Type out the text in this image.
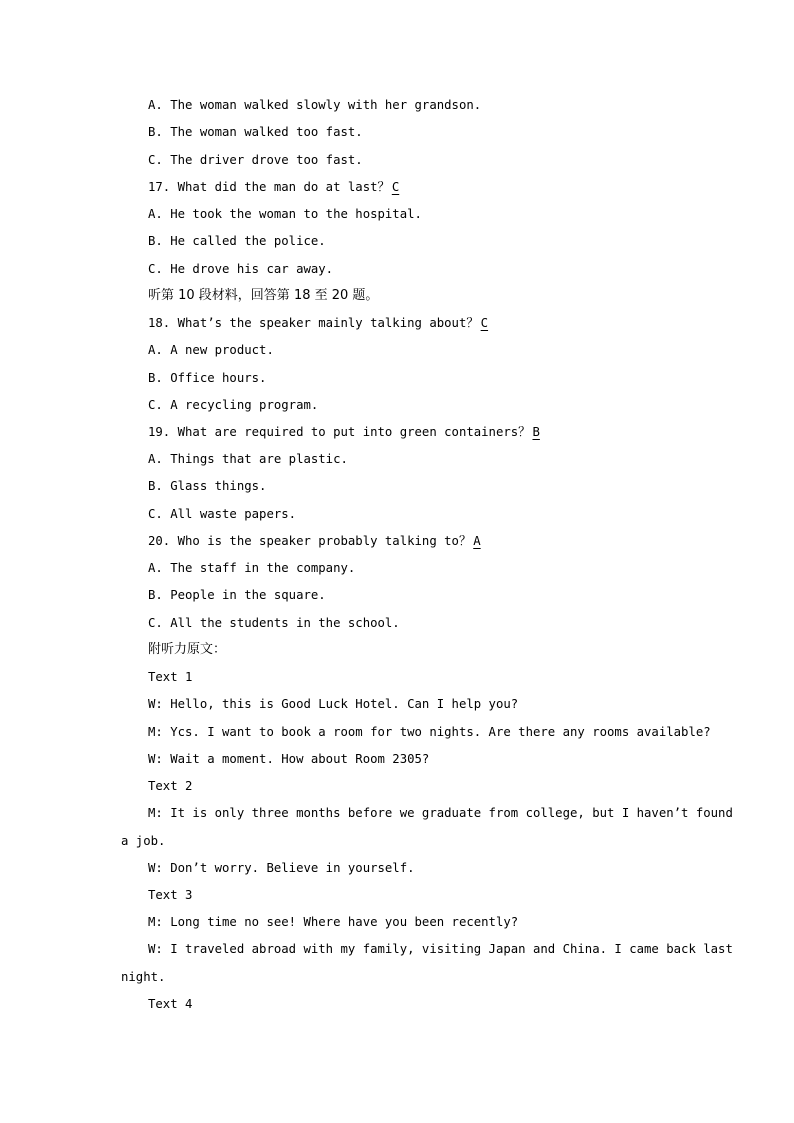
A. The woman walked slowly with her grandson.
B. The woman walked too fast.
C. The driver drove too fast.
17. What did the man do at last？C
A. He took the woman to the hospital.
B. He called the police.
C. He drove his car away.
听第 10 段材料，回答第 18 至 20 题。
18. What’s the speaker mainly talking about？C
A. A new product.
B. Office hours.
C. A recycling program.
19. What are required to put into green containers？B
A. Things that are plastic.
B. Glass things.
C. All waste papers.
20. Who is the speaker probably talking to？A
A. The staff in the company.
B. People in the square.
C. All the students in the school.
附听力原文：
Text 1
W: Hello, this is Good Luck Hotel. Can I help you?
M: Ycs. I want to book a room for two nights. Are there any rooms available?
W: Wait a moment. How about Room 2305?
Text 2
M: It is only three months before we graduate from college, but I haven’t found
a job.
W: Don’t worry. Believe in yourself.
Text 3
M: Long time no see! Where have you been recently?
W: I traveled abroad with my family, visiting Japan and China. I came back last
night.
Text 4
